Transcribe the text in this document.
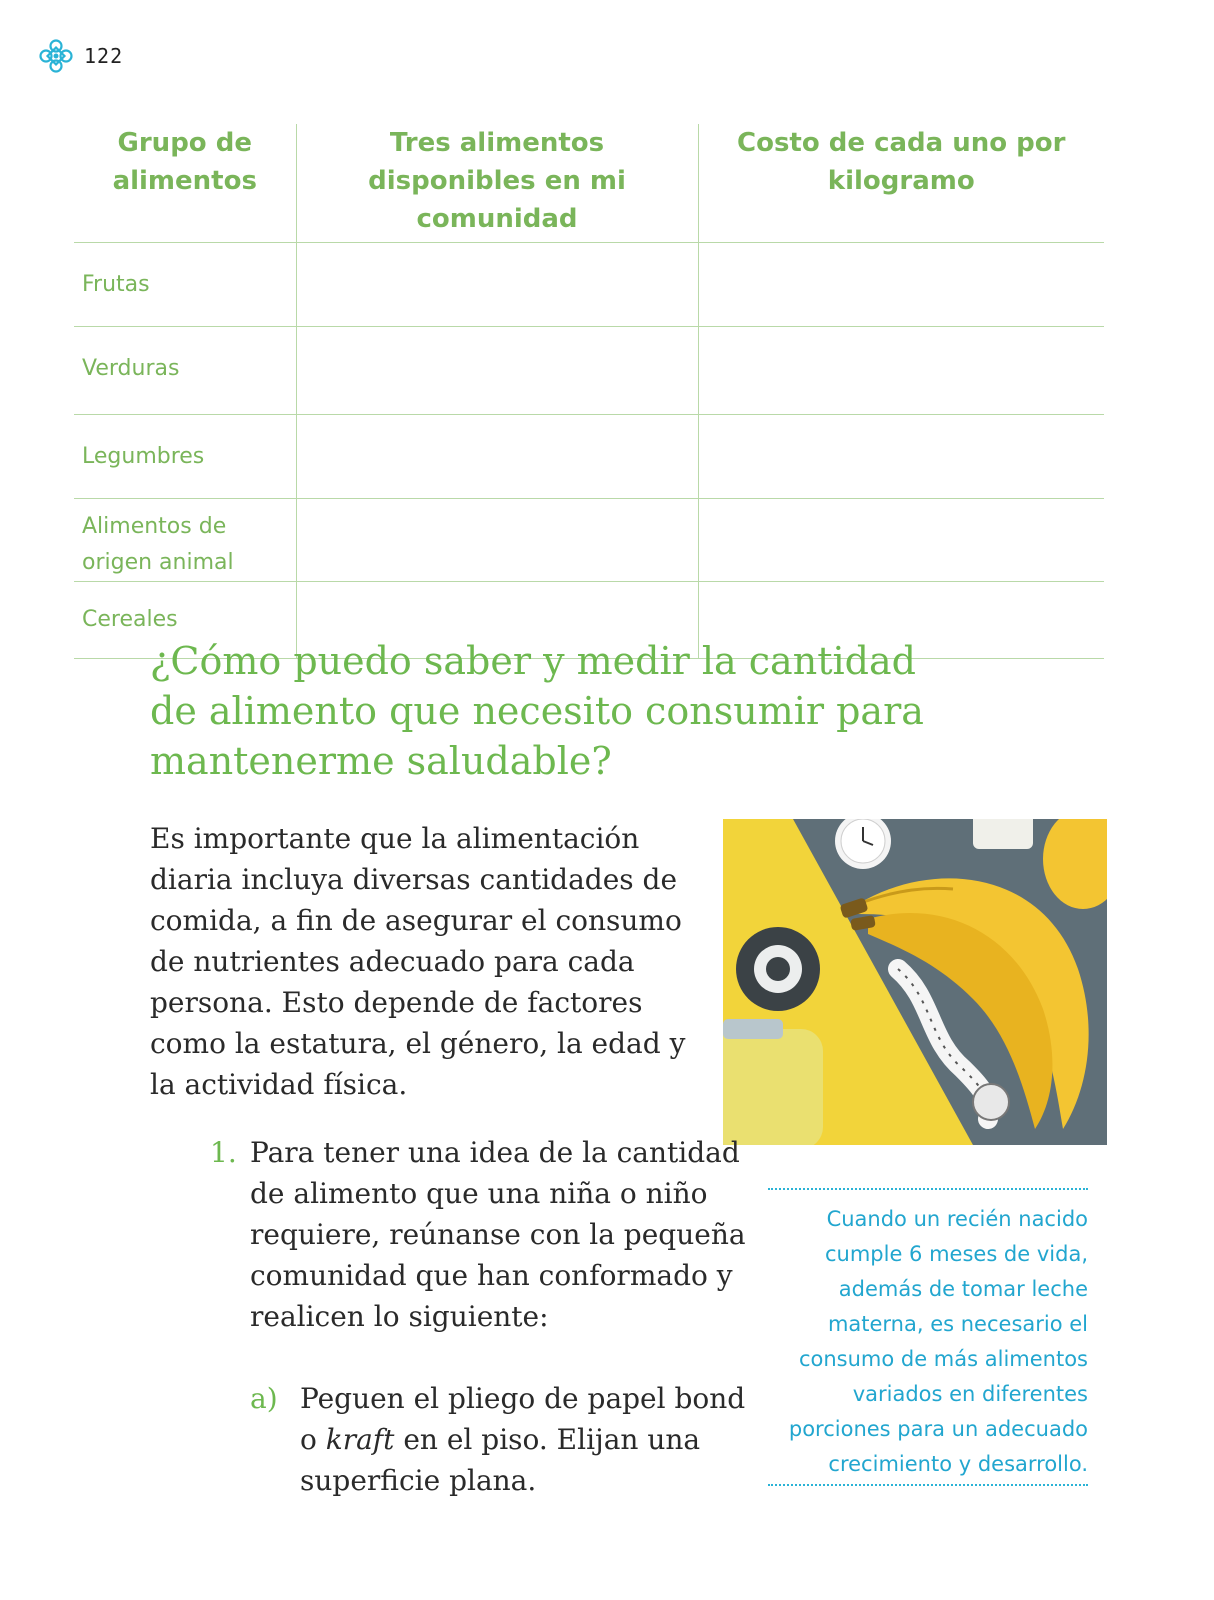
122
Grupo de alimentos	Tres alimentos disponibles en mi comunidad	Costo de cada uno por kilogramo
Frutas		
Verduras		
Legumbres		
Alimentos de origen animal		
Cereales		
¿Cómo puedo saber y medir la cantidad de alimento que necesito consumir para mantenerme saludable?

Es importante que la alimentación diaria incluya diversas cantidades de comida, a fin de asegurar el consumo de nutrientes adecuado para cada persona. Esto depende de factores como la estatura, el género, la edad y la actividad física.

1. Para tener una idea de la cantidad de alimento que una niña o niño requiere, reúnanse con la pequeña comunidad que han conformado y realicen lo siguiente:

a) Peguen el pliego de papel bond o kraft en el piso. Elijan una superficie plana.

Cuando un recién nacido
cumple 6 meses de vida,
además de tomar leche
materna, es necesario el
consumo de más alimentos
variados en diferentes
porciones para un adecuado
crecimiento y desarrollo.
